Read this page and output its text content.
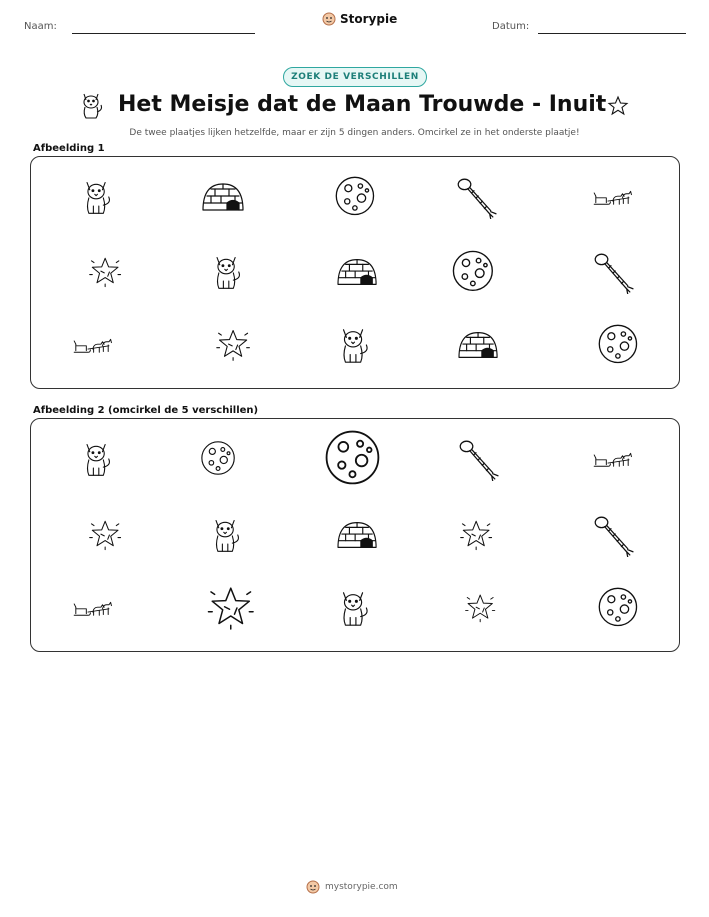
Naam:
Storypie
Datum:
ZOEK DE VERSCHILLEN
Het Meisje dat de Maan Trouwde - Inuit
De twee plaatjes lijken hetzelfde, maar er zijn 5 dingen anders. Omcirkel ze in het onderste plaatje!
Afbeelding 1
Afbeelding 2 (omcirkel de 5 verschillen)
mystorypie.com
